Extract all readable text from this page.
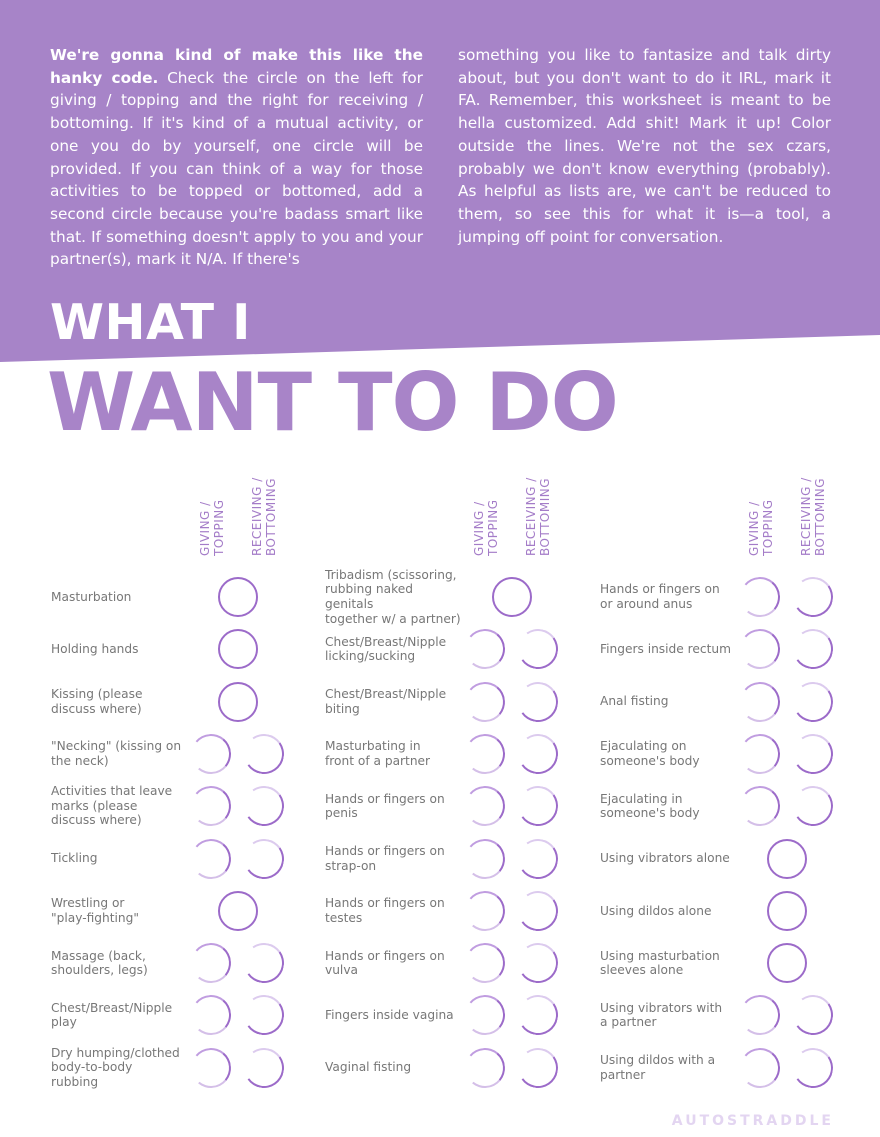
We're gonna kind of make this like the hanky code. Check the circle on the left for giving / topping and the right for receiving / bottoming. If it's kind of a mutual activity, or one you do by yourself, one circle will be provided. If you can think of a way for those activities to be topped or bottomed, add a second circle because you're badass smart like that. If something doesn't apply to you and your partner(s), mark it N/A. If there's

something you like to fantasize and talk dirty about, but you don't want to do it IRL, mark it FA. Remember, this worksheet is meant to be hella customized. Add shit! Mark it up! Color outside the lines. We're not the sex czars, probably we don't know everything (probably). As helpful as lists are, we can't be reduced to them, so see this for what it is—a tool, a jumping off point for conversation.

WHAT I
WANT TO DO
GIVING /
TOPPING RECEIVING /
BOTTOMING
Masturbation
Holding hands
Kissing (please
discuss where)
"Necking" (kissing on
the neck)
Activities that leave
marks (please
discuss where)
Tickling
Wrestling or
"play-fighting"
Massage (back,
shoulders, legs)
Chest/Breast/Nipple
play
Dry humping/clothed
body-to-body
rubbing
GIVING /
TOPPING RECEIVING /
BOTTOMING
Tribadism (scissoring,
rubbing naked genitals
together w/ a partner)
Chest/Breast/Nipple
licking/sucking
Chest/Breast/Nipple
biting
Masturbating in
front of a partner
Hands or fingers on
penis
Hands or fingers on
strap-on
Hands or fingers on
testes
Hands or fingers on
vulva
Fingers inside vagina
Vaginal fisting
GIVING /
TOPPING RECEIVING /
BOTTOMING
Hands or fingers on
or around anus
Fingers inside rectum
Anal fisting
Ejaculating on
someone's body
Ejaculating in
someone's body
Using vibrators alone
Using dildos alone
Using masturbation
sleeves alone
Using vibrators with
a partner
Using dildos with a
partner
AUTOSTRADDLE
